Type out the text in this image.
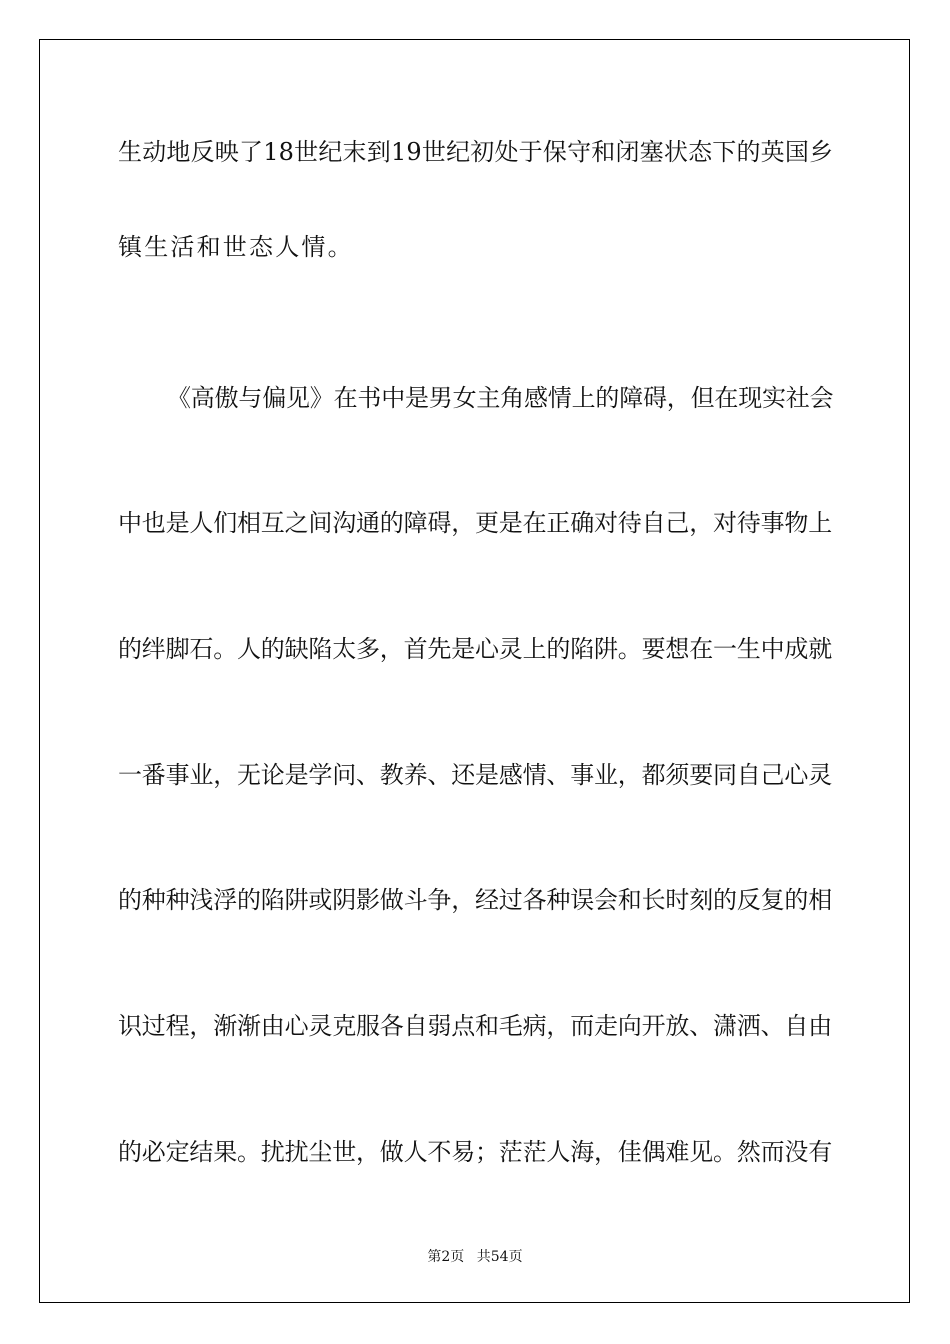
生动地反映了18世纪末到19世纪初处于保守和闭塞状态下的英国乡
镇生活和世态人情。
《高傲与偏见》在书中是男女主角感情上的障碍，但在现实社会
中也是人们相互之间沟通的障碍，更是在正确对待自己，对待事物上
的绊脚石。人的缺陷太多，首先是心灵上的陷阱。要想在一生中成就
一番事业，无论是学问、教养、还是感情、事业，都须要同自己心灵
的种种浅浮的陷阱或阴影做斗争，经过各种误会和长时刻的反复的相
识过程，渐渐由心灵克服各自弱点和毛病，而走向开放、潇洒、自由
的必定结果。扰扰尘世，做人不易；茫茫人海，佳偶难见。然而没有
第2页 共54页
